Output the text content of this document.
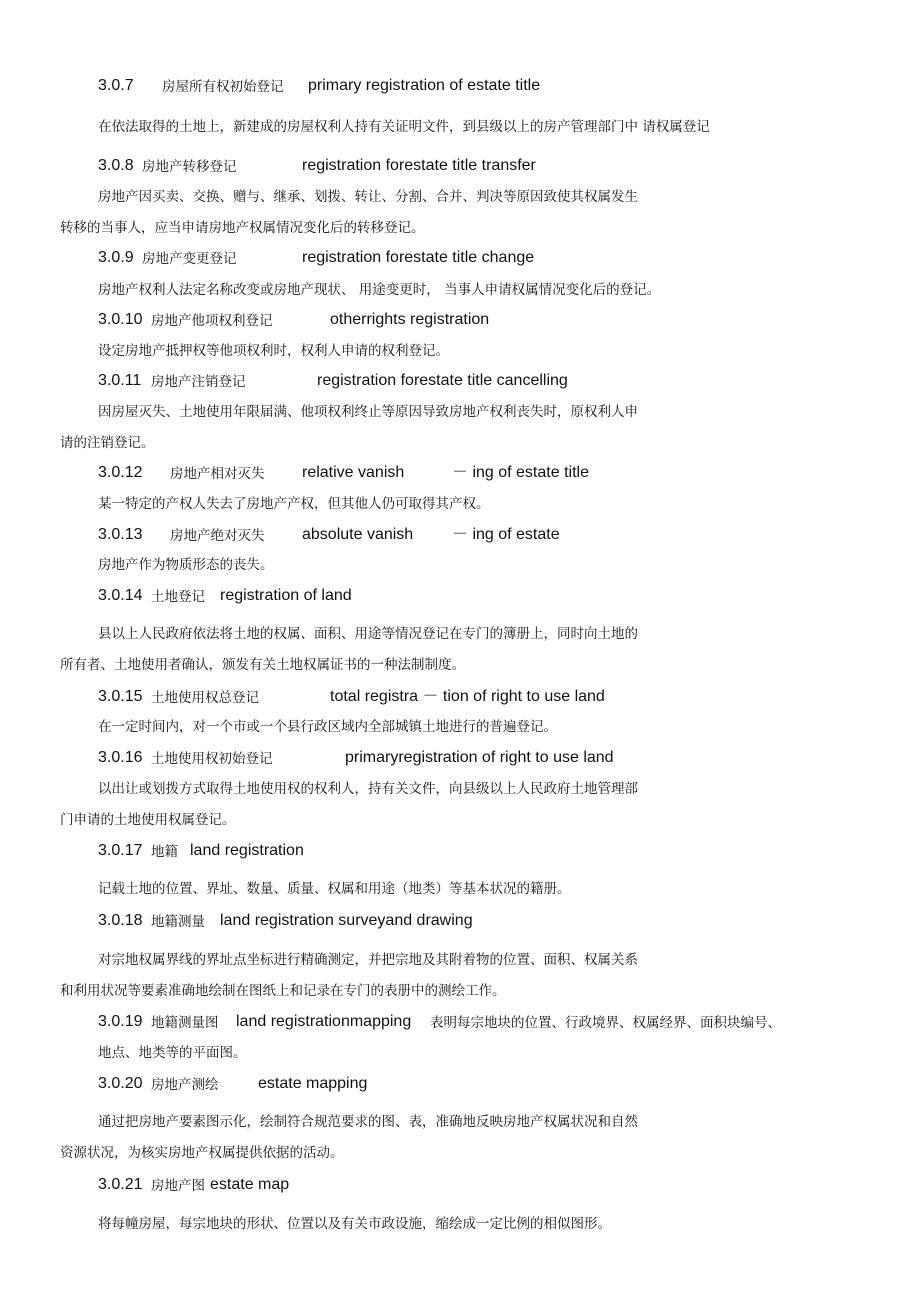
3.0.7 房屋所有权初始登记 primary registration of estate title
在依法取得的土地上，新建成的房屋权利人持有关证明文件，到县级以上的房产管理部门中 请权属登记
3.0.8 房地产转移登记	registration forestate title transfer
房地产因买卖、交换、赠与、继承、划拨、转让、分割、合并、判决等原因致使其权属发生
转移的当事人，应当申请房地产权属情况变化后的转移登记。
3.0.9 房地产变更登记	registration forestate title change
房地产权利人法定名称改变或房地产现状、 用途变更时， 当事人申请权属情况变化后的登记。
3.0.10 房地产他项权利登记	otherrights registration
设定房地产抵押权等他项权利时，权利人申请的权利登记。
3.0.11 房地产注销登记	registration forestate title cancelling
因房屋灭失、土地使用年限届满、他项权利终止等原因导致房地产权利丧失时，原权利人申
请的注销登记。
3.0.12 房地产相对灭失 relative vanish	－ ing of estate title
某一特定的产权人失去了房地产产权，但其他人仍可取得其产权。
3.0.13 房地产绝对灭失 absolute vanish － ing of estate
房地产作为物质形态的丧失。
3.0.14 土地登记 registration of land
县以上人民政府依法将土地的权属、面积、用途等情况登记在专门的簿册上，同时向土地的
所有者、土地使用者确认，颁发有关土地权属证书的一种法制制度。
3.0.15 土地使用权总登记	total registra － tion of right to use land
在一定时间内，对一个市或一个县行政区域内全部城镇土地进行的普遍登记。
3.0.16 土地使用权初始登记	primaryregistration of right to use land
以出让或划拨方式取得土地使用权的权利人，持有关文件，向县级以上人民政府土地管理部
门申请的土地使用权属登记。
3.0.17 地籍 land registration
记载土地的位置、界址、数量、质量、权属和用途（地类）等基本状况的籍册。
3.0.18 地籍测量 land registration surveyand drawing
对宗地权属界线的界址点坐标进行精确测定，并把宗地及其附着物的位置、面积、权属关系
和利用状况等要素准确地绘制在图纸上和记录在专门的表册中的测绘工作。
3.0.19 地籍测量图 land registrationmapping 表明每宗地块的位置、行政境界、权属经界、面积块编号、
地点、地类等的平面图。
3.0.20 房地产测绘 estate mapping
通过把房地产要素图示化，绘制符合规范要求的图、表，准确地反映房地产权属状况和自然
资源状况，为核实房地产权属提供依据的活动。
3.0.21 房地产图 estate map
将每幢房屋，每宗地块的形状、位置以及有关市政设施，缩绘成一定比例的相似图形。
